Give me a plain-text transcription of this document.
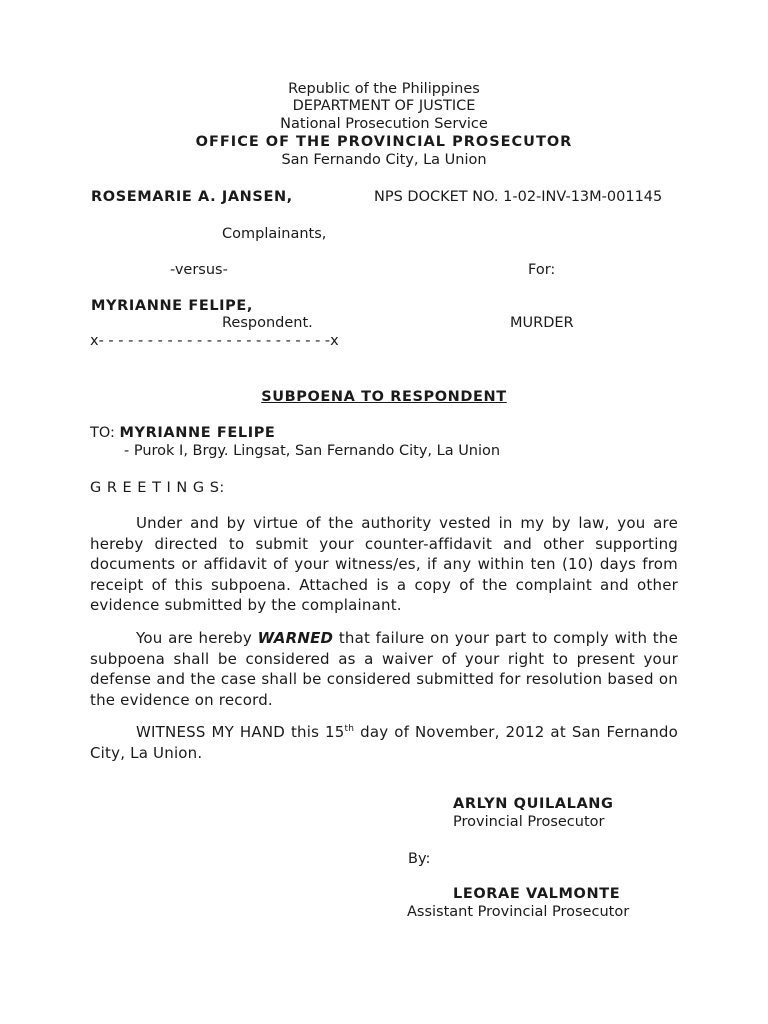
Republic of the Philippines
DEPARTMENT OF JUSTICE
National Prosecution Service
OFFICE OF THE PROVINCIAL PROSECUTOR
San Fernando City, La Union
ROSEMARIE A. JANSEN,	NPS DOCKET NO. 1-02-INV-13M-001145
Complainants,
-versus-	For:
MYRIANNE FELIPE,
Respondent.	MURDER
x- - - - - - - - - - - - - - - - - - - - - - - -x
SUBPOENA TO RESPONDENT
TO: MYRIANNE FELIPE
- Purok I, Brgy. Lingsat, San Fernando City, La Union
G R E E T I N G S:
Under and by virtue of the authority vested in my by law, you are hereby directed to submit your counter-affidavit and other supporting documents or affidavit of your witness/es, if any within ten (10) days from receipt of this subpoena. Attached is a copy of the complaint and other evidence submitted by the complainant.
You are hereby WARNED that failure on your part to comply with the subpoena shall be considered as a waiver of your right to present your defense and the case shall be considered submitted for resolution based on the evidence on record.
WITNESS MY HAND this 15th day of November, 2012 at San Fernando City, La Union.
ARLYN QUILALANG
Provincial Prosecutor
By:
LEORAE VALMONTE
Assistant Provincial Prosecutor
